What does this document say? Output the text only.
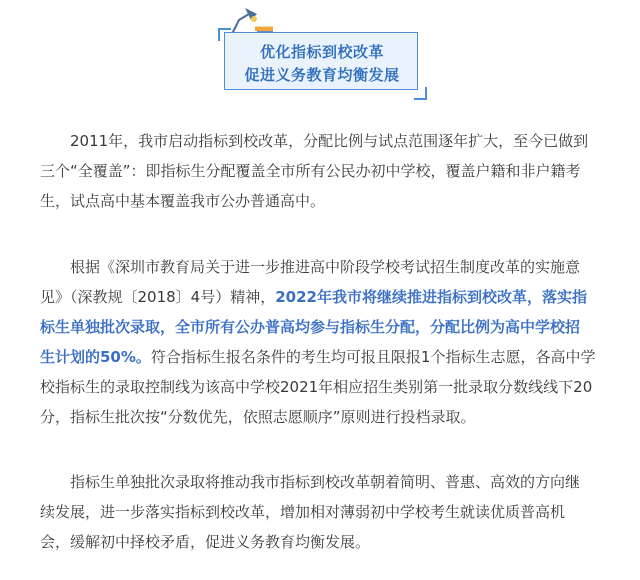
优化指标到校改革
促进义务教育均衡发展
2011年，我市启动指标到校改革，分配比例与试点范围逐年扩大，至今已做到
三个“全覆盖”：即指标生分配覆盖全市所有公民办初中学校，覆盖户籍和非户籍考
生，试点高中基本覆盖我市公办普通高中。
根据《深圳市教育局关于进一步推进高中阶段学校考试招生制度改革的实施意
见》（深教规〔2018〕4号）精神，2022年我市将继续推进指标到校改革，落实指
标生单独批次录取，全市所有公办普高均参与指标生分配，分配比例为高中学校招
生计划的50%。符合指标生报名条件的考生均可报且限报1个指标生志愿，各高中学
校指标生的录取控制线为该高中学校2021年相应招生类别第一批录取分数线线下20
分，指标生批次按“分数优先，依照志愿顺序”原则进行投档录取。
指标生单独批次录取将推动我市指标到校改革朝着简明、普惠、高效的方向继
续发展，进一步落实指标到校改革，增加相对薄弱初中学校考生就读优质普高机
会，缓解初中择校矛盾，促进义务教育均衡发展。
